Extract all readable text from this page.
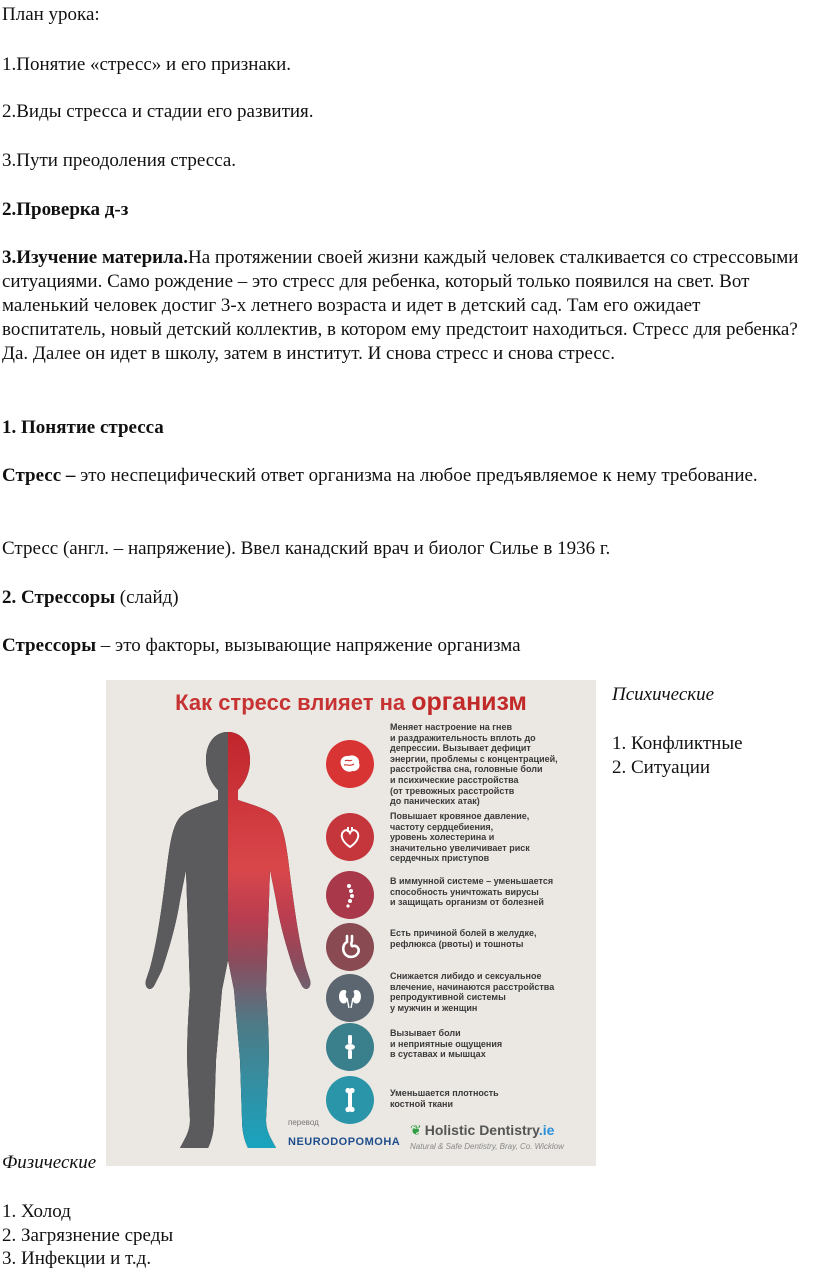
План урока:
1.Понятие «стресс» и его признаки.
2.Виды стресса и стадии его развития.
3.Пути преодоления стресса.
2.Проверка д-з
3.Изучение материла.На протяжении своей жизни каждый человек сталкивается со стрессовыми ситуациями. Само рождение – это стресс для ребенка, который только появился на свет. Вот маленький человек достиг 3-х летнего возраста и идет в детский сад. Там его ожидает воспитатель, новый детский коллектив, в котором ему предстоит находиться. Стресс для ребенка? Да. Далее он идет в школу, затем в институт. И снова стресс и снова стресс.
1. Понятие стресса
Стресс – это неспецифический ответ организма на любое предъявляемое к нему требование.
Стресс (англ. – напряжение). Ввел канадский врач и биолог Силье в 1936 г.
2. Стрессоры (слайд)
Стрессоры – это факторы, вызывающие напряжение организма
Как стресс влияет на организм
Меняет настроение на гнев
и раздражительность вплоть до
депрессии. Вызывает дефицит
энергии, проблемы с концентрацией,
расстройства сна, головные боли
и психические расстройства
(от тревожных расстройств
до панических атак)
Повышает кровяное давление,
частоту сердцебиения,
уровень холестерина и
значительно увеличивает риск
сердечных приступов
В иммунной системе – уменьшается
способность уничтожать вирусы
и защищать организм от болезней
Есть причиной болей в желудке,
рефлюкса (рвоты) и тошноты
Снижается либидо и сексуальное
влечение, начинаются расстройства
репродуктивной системы
у мужчин и женщин
Вызывает боли
и неприятные ощущения
в суставах и мышцах
Уменьшается плотность
костной ткани
перевод
NEURODOPOMOHA
❦ Holistic Dentistry.ie
Natural & Safe Dentistry, Bray, Co. Wicklow
Психические
1. Конфликтные
2. Ситуации
Физические
1. Холод
2. Загрязнение среды
3. Инфекции и т.д.
